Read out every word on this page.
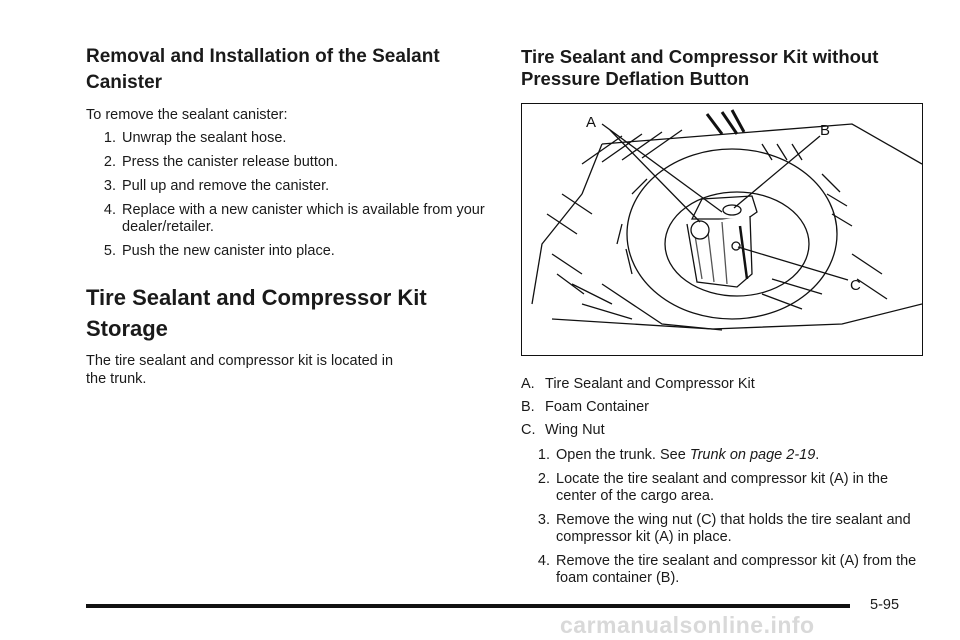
Removal and Installation of the Sealant
Canister

To remove the sealant canister:

1. Unwrap the sealant hose.
2. Press the canister release button.
3. Pull up and remove the canister.
4. Replace with a new canister which is available from your dealer/retailer.
5. Push the new canister into place.
Tire Sealant and Compressor Kit
Storage

The tire sealant and compressor kit is located in
the trunk.

Tire Sealant and Compressor Kit without
Pressure Deflation Button
A	B
C
A. Tire Sealant and Compressor Kit
B. Foam Container
C. Wing Nut
1. Open the trunk. See Trunk on page 2-19.
2. Locate the tire sealant and compressor kit (A) in the center of the cargo area.
3. Remove the wing nut (C) that holds the tire sealant and compressor kit (A) in place.
4. Remove the tire sealant and compressor kit (A) from the foam container (B).
5-95
carmanualsonline.info
